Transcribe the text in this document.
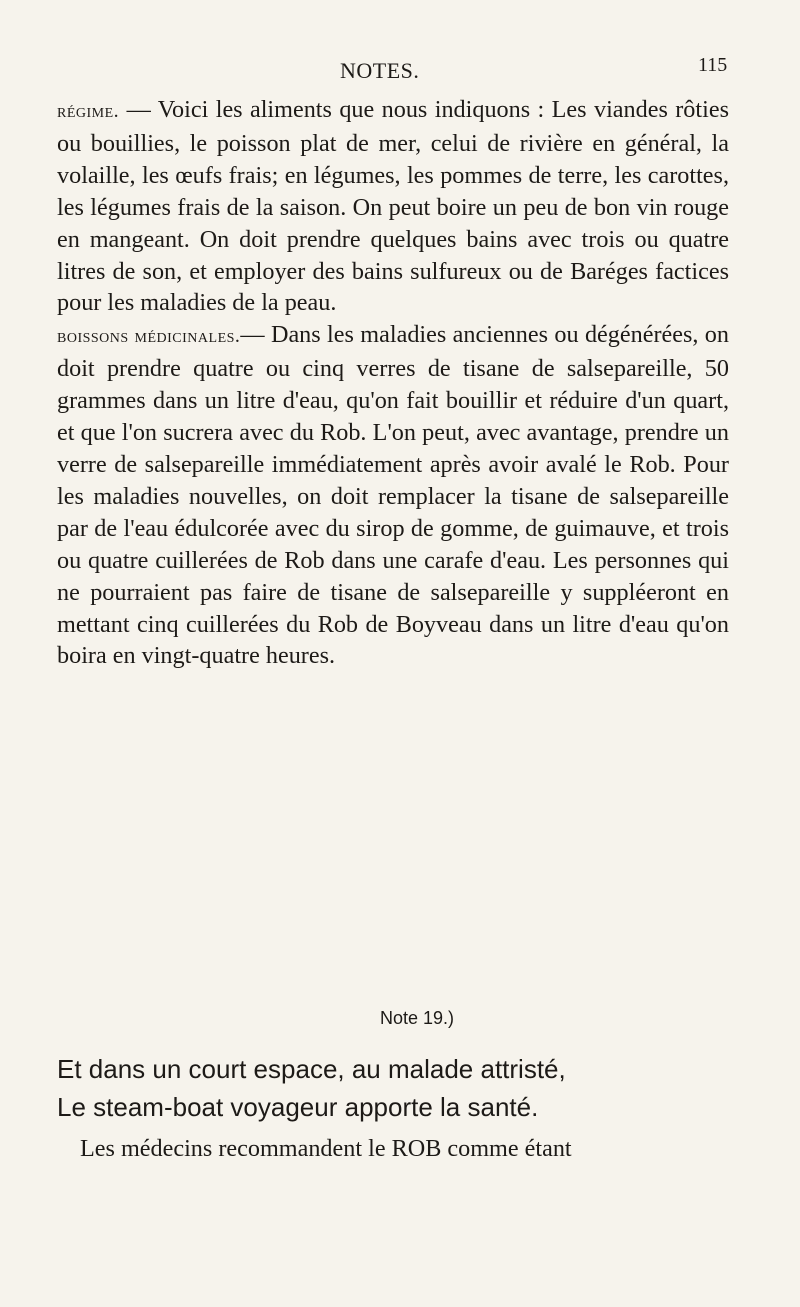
NOTES.	115

régime. — Voici les aliments que nous indiquons : Les viandes rôties ou bouillies, le poisson plat de mer, celui de rivière en général, la volaille, les œufs frais; en légumes, les pommes de terre, les carottes, les légumes frais de la saison. On peut boire un peu de bon vin rouge en mangeant. On doit prendre quelques bains avec trois ou quatre litres de son, et employer des bains sulfureux ou de Baréges factices pour les maladies de la peau.

boissons médicinales.— Dans les maladies anciennes ou dégénérées, on doit prendre quatre ou cinq verres de tisane de salsepareille, 50 grammes dans un litre d'eau, qu'on fait bouillir et réduire d'un quart, et que l'on sucrera avec du Rob. L'on peut, avec avantage, prendre un verre de salsepareille immédiatement après avoir avalé le Rob. Pour les maladies nouvelles, on doit remplacer la tisane de salsepareille par de l'eau édulcorée avec du sirop de gomme, de guimauve, et trois ou quatre cuillerées de Rob dans une carafe d'eau. Les personnes qui ne pourraient pas faire de tisane de salsepareille y suppléeront en mettant cinq cuillerées du Rob de Boyveau dans un litre d'eau qu'on boira en vingt-quatre heures.

Note 19.)
Et dans un court espace, au malade attristé,
Le steam-boat voyageur apporte la santé.
Les médecins recommandent le ROB comme étant
